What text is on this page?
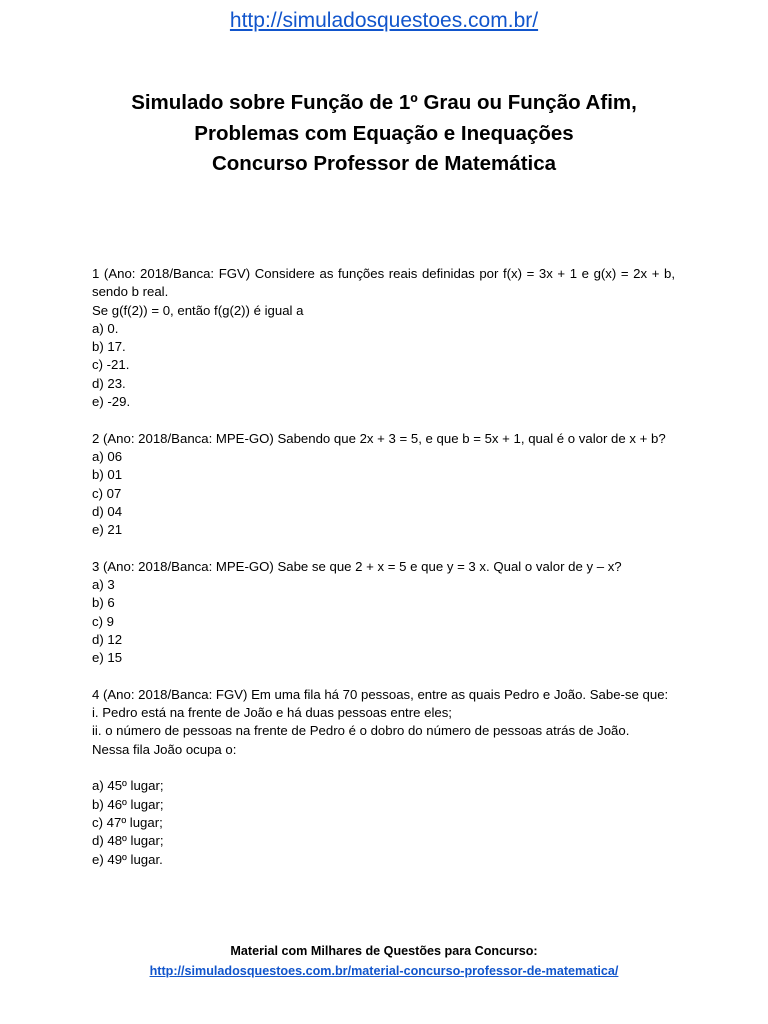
http://simuladosquestoes.com.br/
Simulado sobre Função de 1º Grau ou Função Afim,
Problemas com Equação e Inequações
Concurso Professor de Matemática
1 (Ano: 2018/Banca: FGV) Considere as funções reais definidas por f(x) = 3x + 1 e g(x) = 2x + b, sendo b real.
Se g(f(2)) = 0, então f(g(2)) é igual a
a) 0.
b) 17.
c) -21.
d) 23.
e) -29.
2 (Ano: 2018/Banca: MPE-GO) Sabendo que 2x + 3 = 5, e que b = 5x + 1, qual é o valor de x + b?
a) 06
b) 01
c) 07
d) 04
e) 21
3 (Ano: 2018/Banca: MPE-GO) Sabe se que 2 + x = 5 e que y = 3 x. Qual o valor de y – x?
a) 3
b) 6
c) 9
d) 12
e) 15
4 (Ano: 2018/Banca: FGV) Em uma fila há 70 pessoas, entre as quais Pedro e João. Sabe-se que:
i. Pedro está na frente de João e há duas pessoas entre eles;
ii. o número de pessoas na frente de Pedro é o dobro do número de pessoas atrás de João.
Nessa fila João ocupa o:
a) 45º lugar;
b) 46º lugar;
c) 47º lugar;
d) 48º lugar;
e) 49º lugar.
Material com Milhares de Questões para Concurso:
http://simuladosquestoes.com.br/material-concurso-professor-de-matematica/
